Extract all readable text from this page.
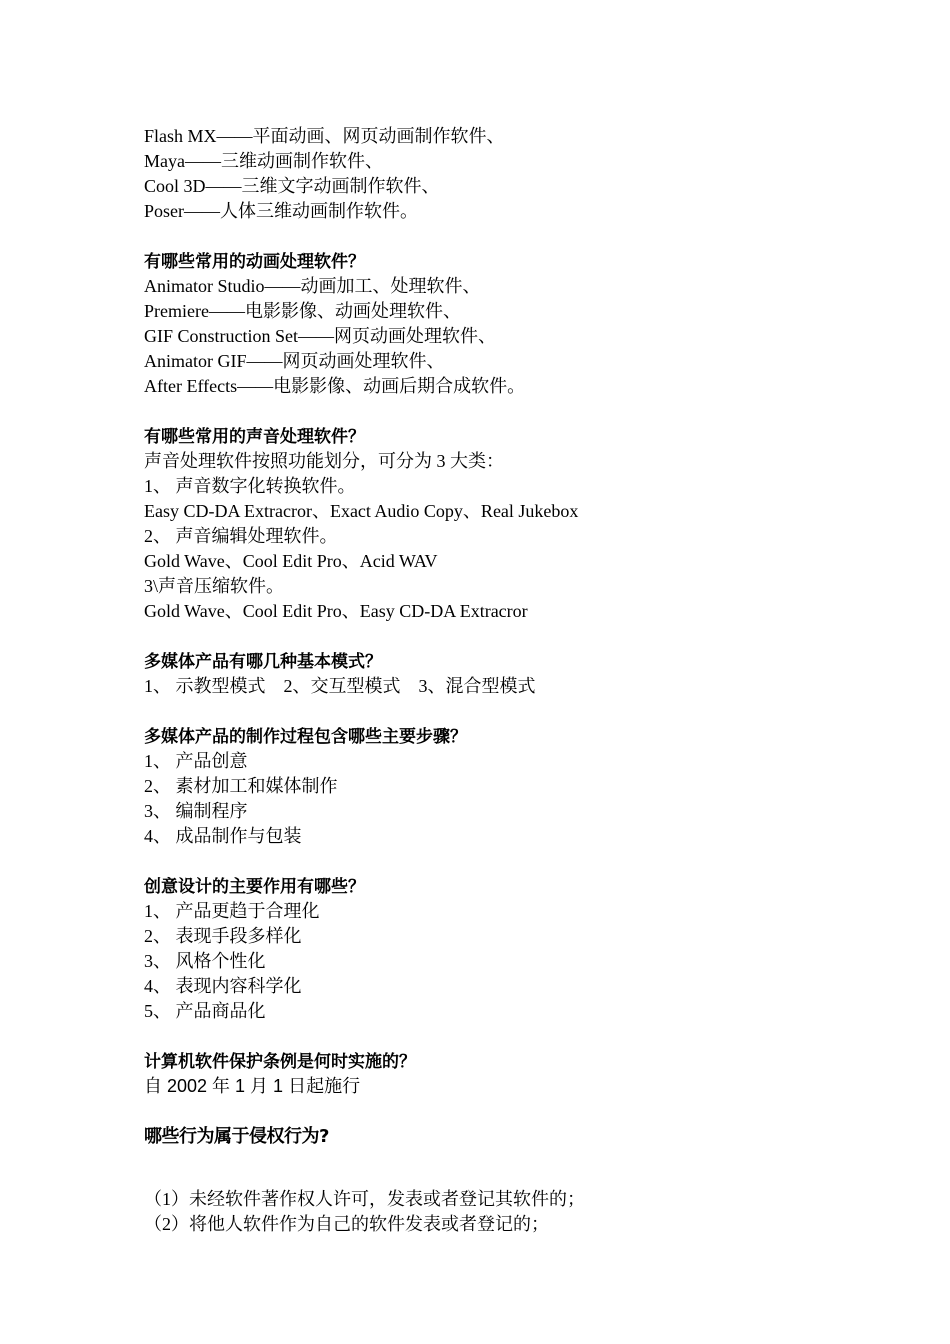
Flash MX——平面动画、网页动画制作软件、
Maya——三维动画制作软件、
Cool 3D——三维文字动画制作软件、
Poser——人体三维动画制作软件。
有哪些常用的动画处理软件？
Animator Studio——动画加工、处理软件、
Premiere——电影影像、动画处理软件、
GIF Construction Set——网页动画处理软件、
Animator GIF——网页动画处理软件、
After Effects——电影影像、动画后期合成软件。
有哪些常用的声音处理软件？
声音处理软件按照功能划分，可分为 3 大类：
1、 声音数字化转换软件。
Easy CD-DA Extracror、Exact Audio Copy、Real Jukebox
2、 声音编辑处理软件。
Gold Wave、Cool Edit Pro、Acid WAV
3\声音压缩软件。
Gold Wave、Cool Edit Pro、Easy CD-DA Extracror
多媒体产品有哪几种基本模式？
1、 示教型模式    2、交互型模式    3、混合型模式
多媒体产品的制作过程包含哪些主要步骤？
1、 产品创意
2、 素材加工和媒体制作
3、 编制程序
4、 成品制作与包装
创意设计的主要作用有哪些？
1、 产品更趋于合理化
2、 表现手段多样化
3、 风格个性化
4、 表现内容科学化
5、 产品商品化
计算机软件保护条例是何时实施的？
自 2002 年 1 月 1 日起施行
哪些行为属于侵权行为?
（1）未经软件著作权人许可，发表或者登记其软件的；
（2）将他人软件作为自己的软件发表或者登记的；
